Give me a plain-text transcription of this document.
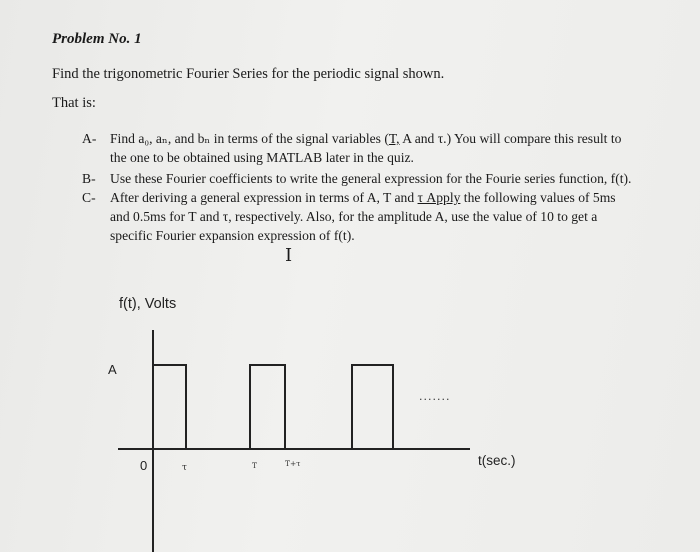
Problem No. 1
Find the trigonometric Fourier Series for the periodic signal shown.
That is:
A- Find a₀, aₙ, and bₙ in terms of the signal variables (T, A and τ.) You will compare this result to
the one to be obtained using MATLAB later in the quiz.
B- Use these Fourier coefficients to write the general expression for the Fourie series function, f(t).
C- After deriving a general expression in terms of A, T and τ Apply the following values of 5ms
and 0.5ms for T and τ, respectively. Also, for the amplitude A, use the value of 10 to get a
specific Fourier expansion expression of f(t).
I
f(t), Volts
A
t(sec.)
0	τ	T	T+τ
.......
